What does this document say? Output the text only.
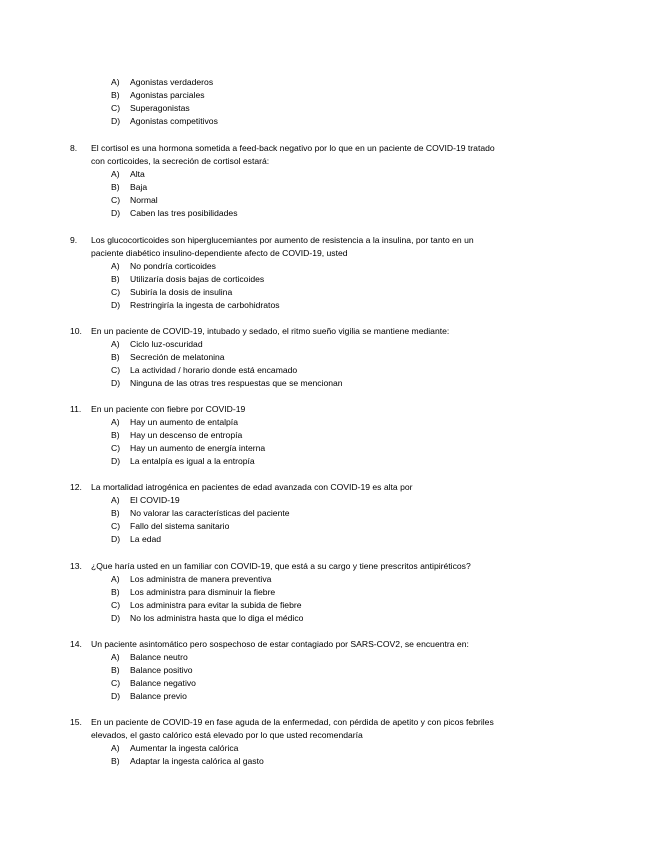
A)	Agonistas verdaderos
B)	Agonistas parciales
C)	Superagonistas
D)	Agonistas competitivos
8.	El cortisol es una hormona sometida a feed-back negativo por lo que en un paciente de COVID-19 tratado
con corticoides, la secreción de cortisol estará:
A)	Alta
B)	Baja
C)	Normal
D)	Caben las tres posibilidades
9.	Los glucocorticoides son hiperglucemiantes por aumento de resistencia a la insulina, por tanto en un
paciente diabético insulino-dependiente afecto de COVID-19, usted
A)	No pondría corticoides
B)	Utilizaría dosis bajas de corticoides
C)	Subiría la dosis de insulina
D)	Restringiría la ingesta de carbohidratos
10.	En un paciente de COVID-19, intubado y sedado, el ritmo sueño vigilia se mantiene mediante:
A)	Ciclo luz-oscuridad
B)	Secreción de melatonina
C)	La actividad / horario donde está encamado
D)	Ninguna de las otras tres respuestas que se mencionan
11.	En un paciente con fiebre por COVID-19
A)	Hay un aumento de entalpía
B)	Hay un descenso de entropía
C)	Hay un aumento de energía interna
D)	La entalpía es igual a la entropía
12.	La mortalidad iatrogénica en pacientes de edad avanzada con COVID-19 es alta por
A)	El COVID-19
B)	No valorar las características del paciente
C)	Fallo del sistema sanitario
D)	La edad
13.	¿Que haría usted en un familiar con COVID-19, que está a su cargo y tiene prescritos antipiréticos?
A)	Los administra de manera preventiva
B)	Los administra para disminuir la fiebre
C)	Los administra para evitar la subida de fiebre
D)	No los administra hasta que lo diga el médico
14.	Un paciente asintomático pero sospechoso de estar contagiado por SARS-COV2, se encuentra en:
A)	Balance neutro
B)	Balance positivo
C)	Balance negativo
D)	Balance previo
15.	En un paciente de COVID-19 en fase aguda de la enfermedad, con pérdida de apetito y con picos febriles
elevados, el gasto calórico está elevado por lo que usted recomendaría
A)	Aumentar la ingesta calórica
B)	Adaptar la ingesta calórica al gasto
